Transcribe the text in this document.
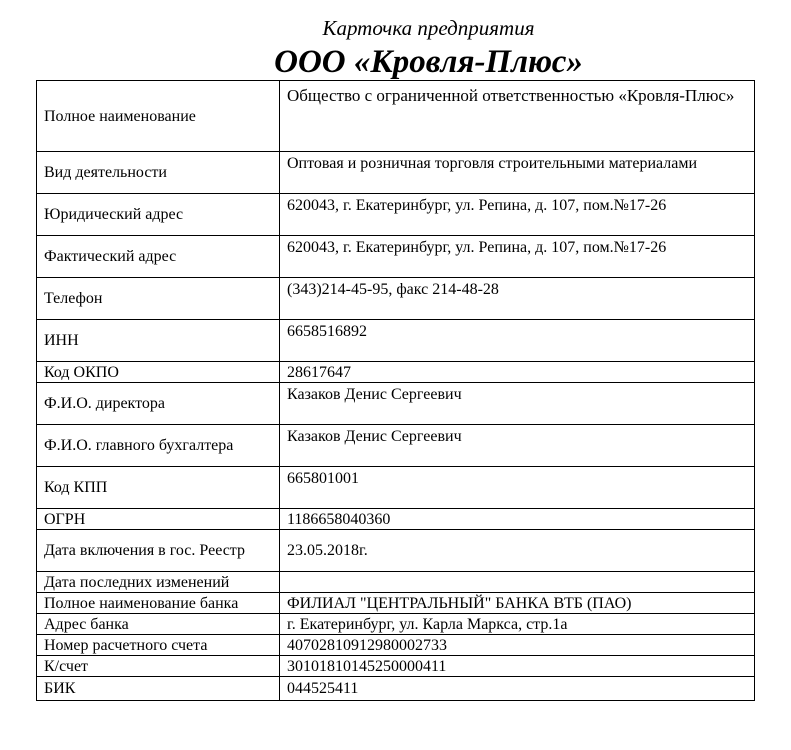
Карточка предприятия
ООО «Кровля-Плюс»
Полное наименование	Общество с ограниченной ответственностью «Кровля-Плюс»
Вид деятельности	Оптовая и розничная торговля строительными материалами
Юридический адрес	620043, г. Екатеринбург, ул. Репина, д. 107, пом.№17-26
Фактический адрес	620043, г. Екатеринбург, ул. Репина, д. 107, пом.№17-26
Телефон	(343)214-45-95, факс 214-48-28
ИНН	6658516892
Код ОКПО	28617647
Ф.И.О. директора	Казаков Денис Сергеевич
Ф.И.О. главного бухгалтера	Казаков Денис Сергеевич
Код КПП	665801001
ОГРН	1186658040360
Дата включения в гос. Реестр	23.05.2018г.
Дата последних изменений	
Полное наименование банка	ФИЛИАЛ "ЦЕНТРАЛЬНЫЙ" БАНКА ВТБ (ПАО)
Адрес банка	г. Екатеринбург, ул. Карла Маркса, стр.1а
Номер расчетного счета	40702810912980002733
К/счет	30101810145250000411
БИК	044525411
